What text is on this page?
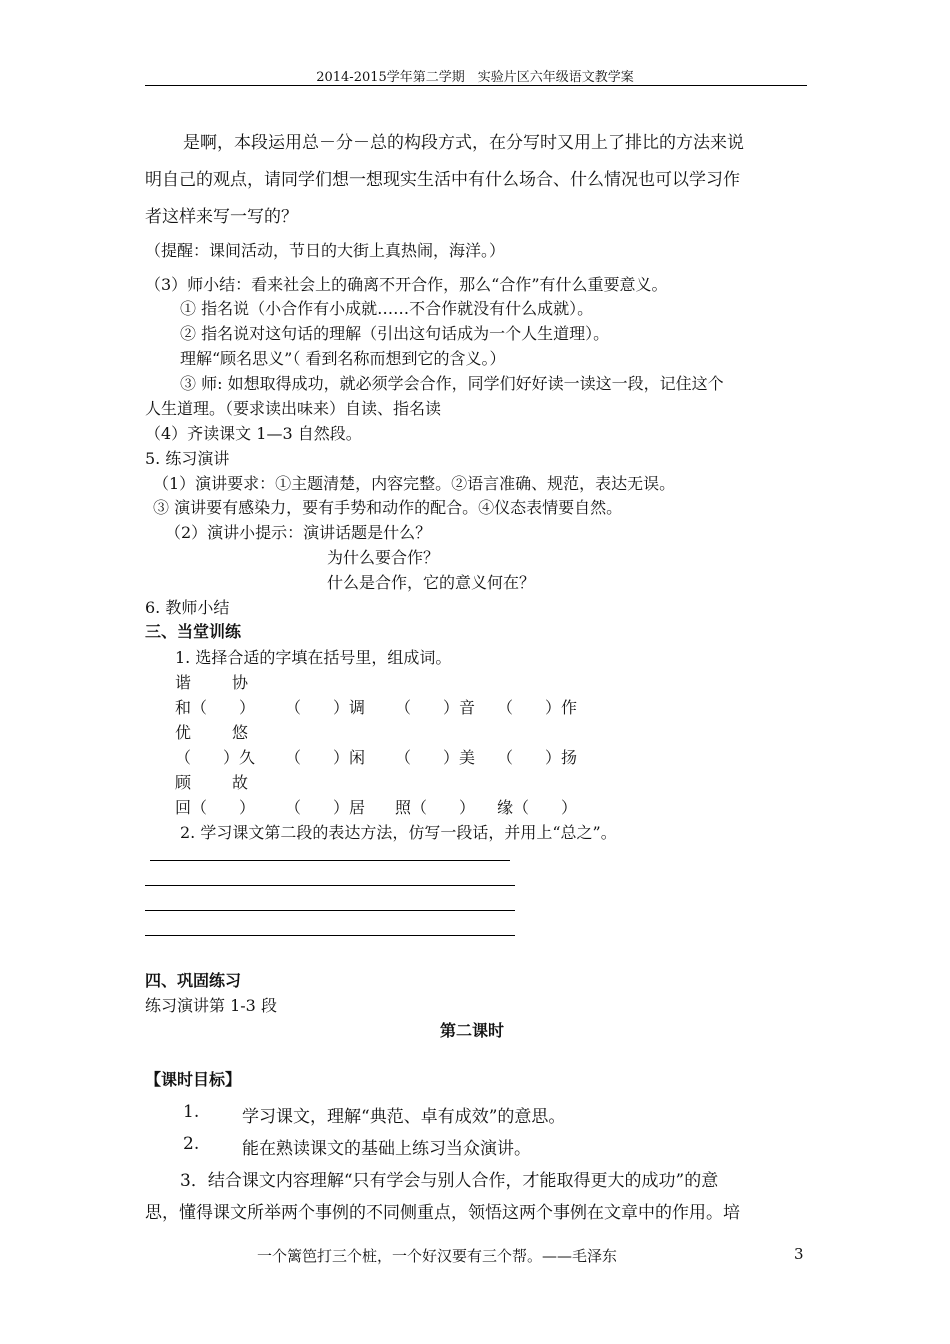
2014-2015学年第二学期　实验片区六年级语文教学案
是啊，本段运用总－分－总的构段方式，在分写时又用上了排比的方法来说
明自己的观点，请同学们想一想现实生活中有什么场合、什么情况也可以学习作
者这样来写一写的？
（提醒：课间活动，节日的大街上真热闹，海洋。）
（3）师小结：看来社会上的确离不开合作，那么“合作”有什么重要意义。
① 指名说（小合作有小成就……不合作就没有什么成就）。
② 指名说对这句话的理解（引出这句话成为一个人生道理）。
理解“顾名思义”（ 看到名称而想到它的含义。）
③ 师: 如想取得成功，就必须学会合作，同学们好好读一读这一段，记住这个
人生道理。（要求读出味来）自读、指名读
（4）齐读课文 1—3 自然段。
5. 练习演讲
（1）演讲要求：①主题清楚，内容完整。②语言准确、规范，表达无误。
③ 演讲要有感染力，要有手势和动作的配合。④仪态表情要自然。
（2）演讲小提示：演讲话题是什么？
为什么要合作？
什么是合作，它的意义何在？
6. 教师小结
三、当堂训练
1. 选择合适的字填在括号里，组成词。
谐	协
和（　　） （　　）调 （　　）音 （　　）作
优	悠
（　　）久 （　　）闲 （　　）美 （　　）扬
顾	故
回（　　） （　　）居 照（　　） 缘（　　）
2. 学习课文第二段的表达方法，仿写一段话，并用上“总之”。
四、巩固练习
练习演讲第 1-3 段
第二课时
【课时目标】
1.	学习课文，理解“典范、卓有成效”的意思。
2.	能在熟读课文的基础上练习当众演讲。
3．结合课文内容理解“只有学会与别人合作，才能取得更大的成功”的意
思，懂得课文所举两个事例的不同侧重点，领悟这两个事例在文章中的作用。培
一个篱笆打三个桩，一个好汉要有三个帮。——毛泽东	3
